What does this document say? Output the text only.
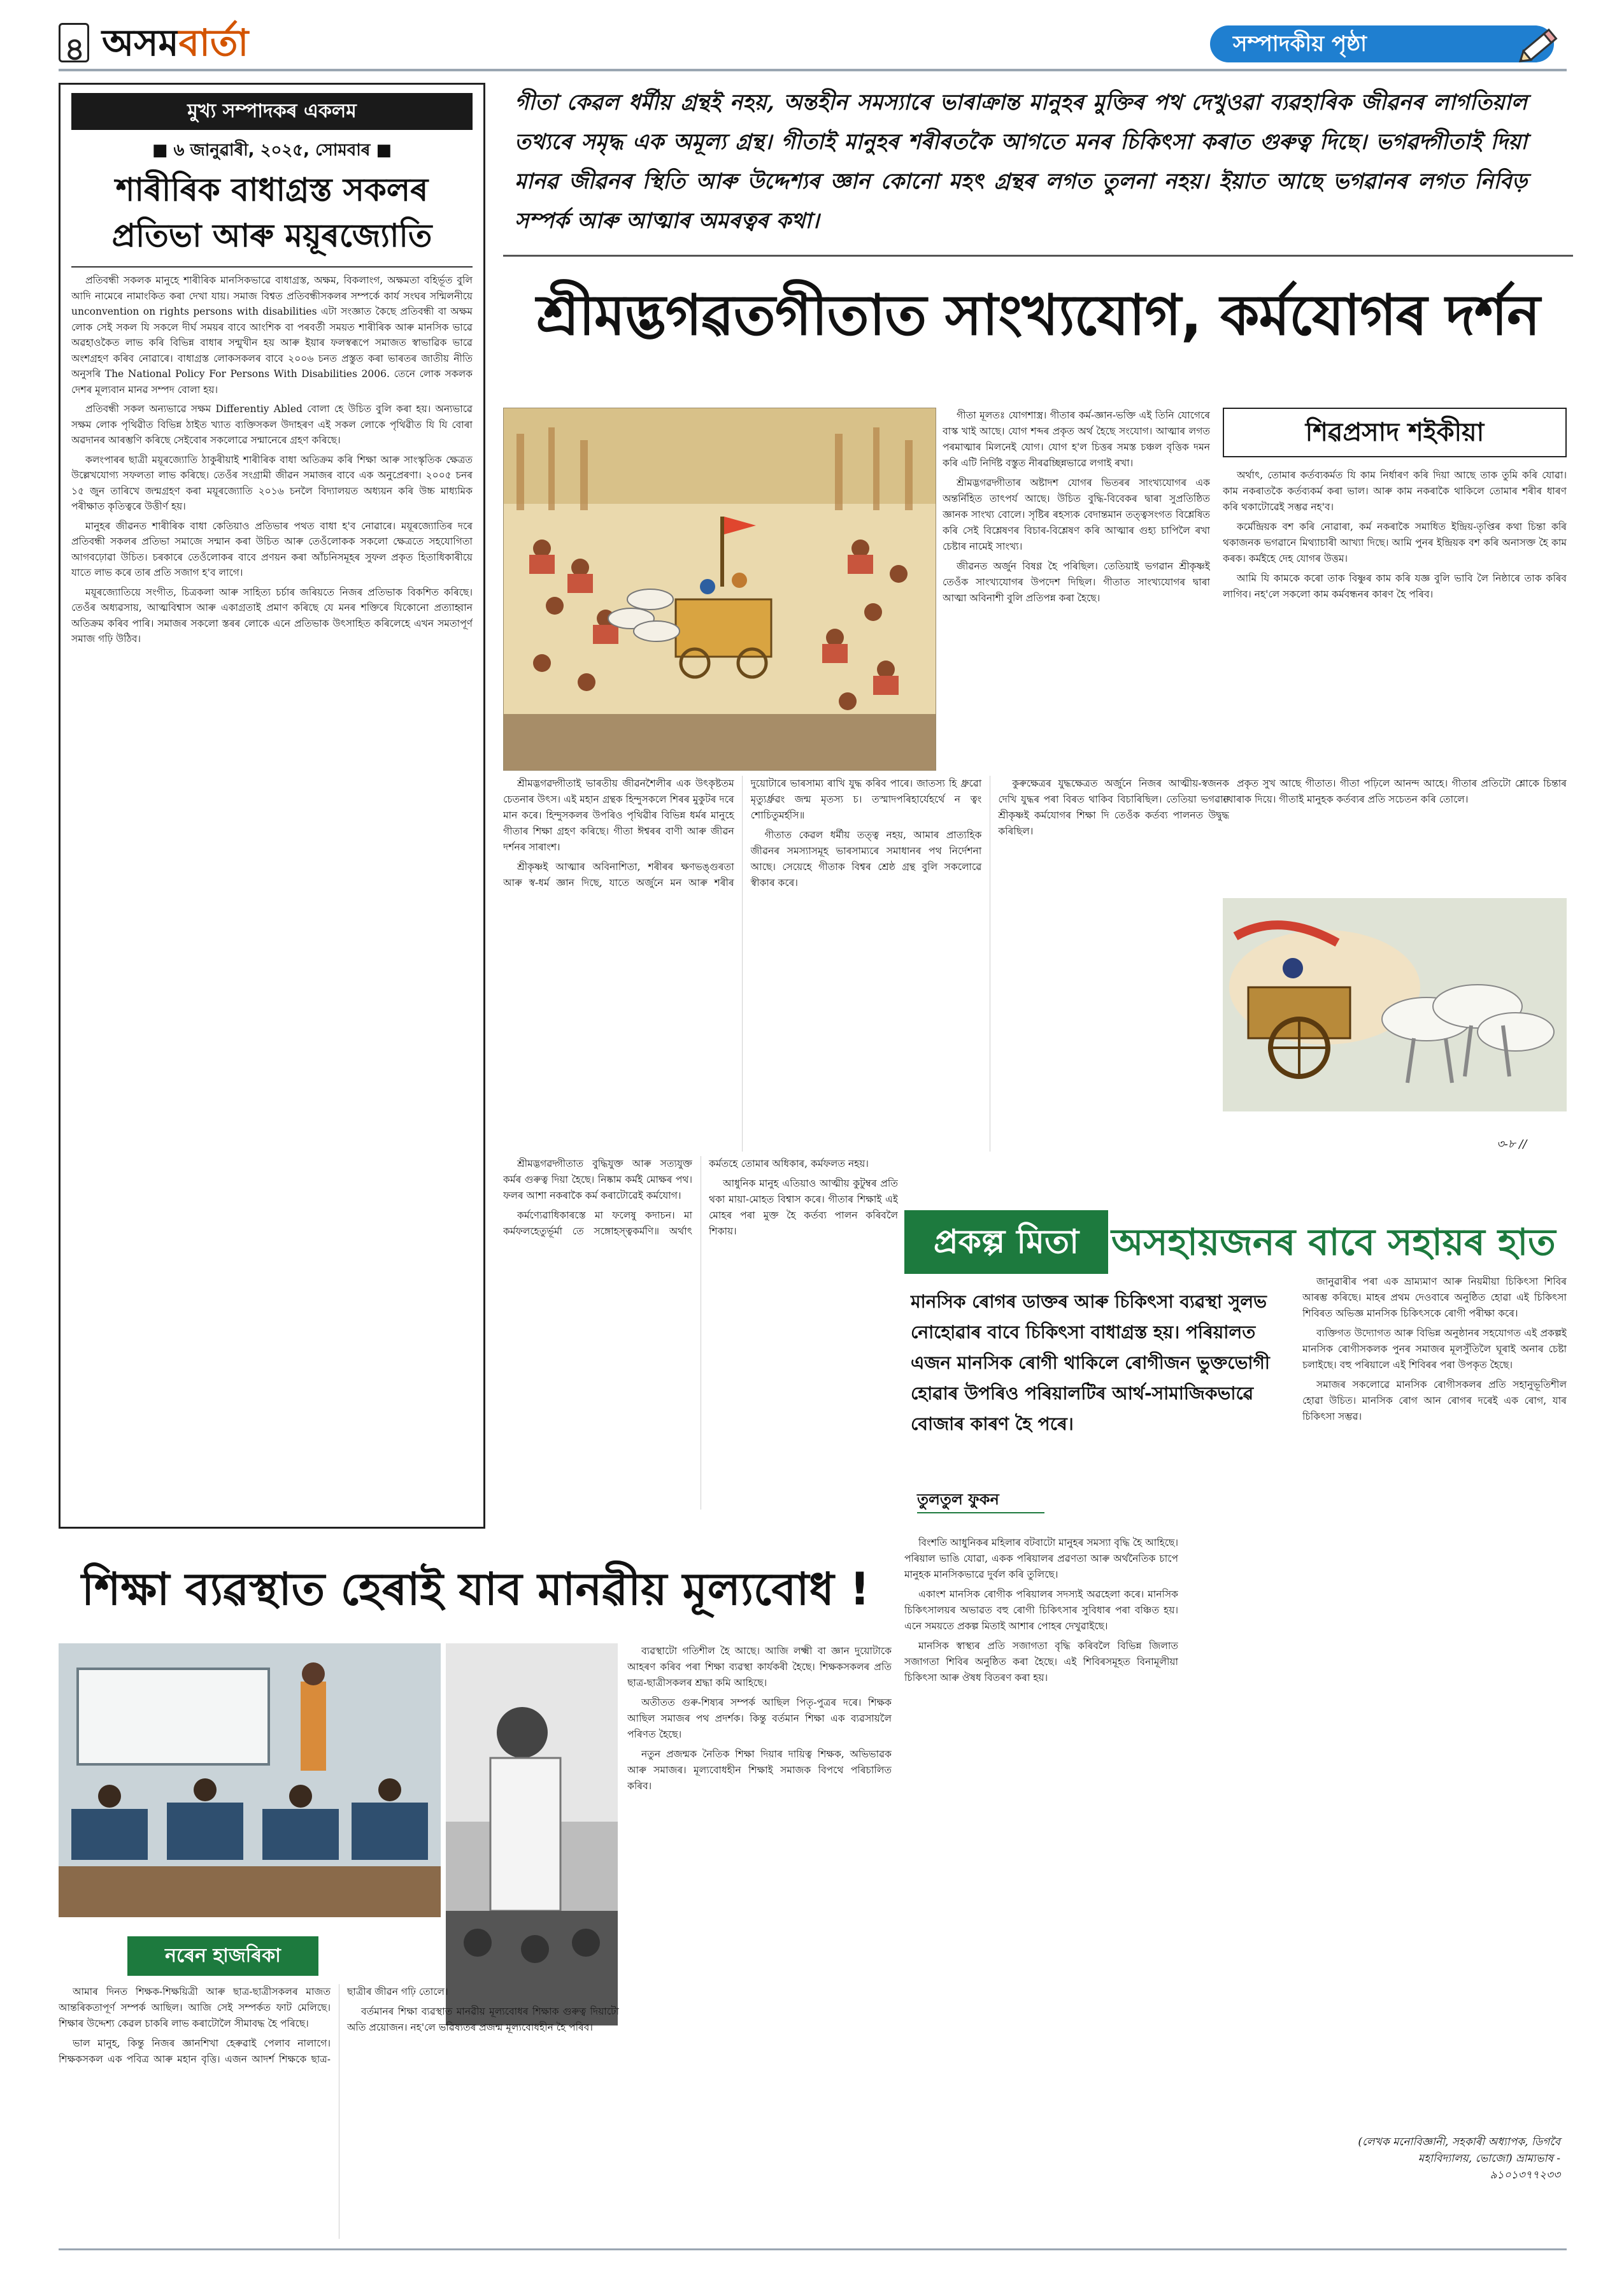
৪ অসমবাৰ্তা	সম্পাদকীয় পৃষ্ঠা
মুখ্য সম্পাদকৰ একলম
■ ৬ জানুৱাৰী, ২০২৫, সোমবাৰ ■
শাৰীৰিক বাধাগ্ৰস্ত সকলৰ প্ৰতিভা আৰু ময়ূৰজ্যোতি

প্ৰতিবন্ধী সকলক মানুহে শাৰীৰিক মানসিকভাৱে বাধাগ্ৰস্ত, অক্ষম, বিকলাংগ, অক্ষমতা বহিৰ্ভূত বুলি আদি নামেৰে নামাংকিত কৰা দেখা যায়। সমাজ বিশ্বত প্ৰতিবন্ধীসকলৰ সম্পৰ্কে কাৰ্য সংঘৰ সন্মিলনীয়ে unconvention on rights persons with disabilities এটা সংজ্ঞাত কৈছে প্ৰতিবন্ধী বা অক্ষম লোক সেই সকল যি সকলে দীৰ্ঘ সময়ৰ বাবে আংশিক বা পৰবৰ্তী সময়ত শাৰীৰিক আৰু মানসিক ভাৱে অৱহাওকৈত লাভ কৰি বিভিন্ন বাধাৰ সন্মুখীন হয় আৰু ইয়াৰ ফলস্বৰূপে সমাজত স্বাভাৱিক ভাৱে অংশগ্ৰহণ কৰিব নোৱাৰে। বাধাগ্ৰস্ত লোকসকলৰ বাবে ২০০৬ চনত প্ৰস্তুত কৰা ভাৰতৰ জাতীয় নীতি অনুসৰি The National Policy For Persons With Disabilities 2006. তেনে লোক সকলক দেশৰ মূল্যবান মানৱ সম্পদ বোলা হয়।

প্ৰতিবন্ধী সকল অন্যভাৱে সক্ষম Differentiy Abled বোলা হে উচিত বুলি কৰা হয়। অন্যভাৱে সক্ষম লোক পৃথিৱীত বিভিন্ন ঠাইত খ্যাত ব্যক্তিসকল উদাহৰণ এই সকল লোকে পৃথিৱীত যি যি বোৰা অৱদানৰ আৰম্ভণি কৰিছে সেইবোৰ সকলোৱে সন্মানেৰে গ্ৰহণ কৰিছে।

কলংপাৰৰ ছাত্ৰী ময়ূৰজ্যোতি ঠাকুৰীয়াই শাৰীৰিক বাধা অতিক্ৰম কৰি শিক্ষা আৰু সাংস্কৃতিক ক্ষেত্ৰত উল্লেখযোগ্য সফলতা লাভ কৰিছে। তেওঁৰ সংগ্ৰামী জীৱন সমাজৰ বাবে এক অনুপ্ৰেৰণা। ২০০৫ চনৰ ১৫ জুন তাৰিখে জন্মগ্ৰহণ কৰা ময়ূৰজ্যোতি ২০১৬ চনলৈ বিদ্যালয়ত অধ্যয়ন কৰি উচ্চ মাধ্যমিক পৰীক্ষাত কৃতিত্বৰে উত্তীৰ্ণ হয়।

মানুহৰ জীৱনত শাৰীৰিক বাধা কেতিয়াও প্ৰতিভাৰ পথত বাধা হ'ব নোৱাৰে। ময়ূৰজ্যোতিৰ দৰে প্ৰতিবন্ধী সকলৰ প্ৰতিভা সমাজে সন্মান কৰা উচিত আৰু তেওঁলোকক সকলো ক্ষেত্ৰতে সহযোগিতা আগবঢ়োৱা উচিত। চৰকাৰে তেওঁলোকৰ বাবে প্ৰণয়ন কৰা আঁচনিসমূহৰ সুফল প্ৰকৃত হিতাধিকাৰীয়ে যাতে লাভ কৰে তাৰ প্ৰতি সজাগ হ'ব লাগে।

ময়ূৰজ্যোতিয়ে সংগীত, চিত্ৰকলা আৰু সাহিত্য চৰ্চাৰ জৰিয়তে নিজৰ প্ৰতিভাক বিকশিত কৰিছে। তেওঁৰ অধ্যৱসায়, আত্মবিশ্বাস আৰু একাগ্ৰতাই প্ৰমাণ কৰিছে যে মনৰ শক্তিৰে যিকোনো প্ৰত্যাহ্বান অতিক্ৰম কৰিব পাৰি। সমাজৰ সকলো স্তৰৰ লোকে এনে প্ৰতিভাক উৎসাহিত কৰিলেহে এখন সমতাপূৰ্ণ সমাজ গঢ়ি উঠিব।

গীতা কেৱল ধৰ্মীয় গ্ৰন্থই নহয়, অন্তহীন সমস্যাৰে ভাৰাক্ৰান্ত মানুহৰ মুক্তিৰ পথ দেখুওৱা ব্যৱহাৰিক জীৱনৰ লাগতিয়াল তথ্যৰে সমৃদ্ধ এক অমূল্য গ্ৰন্থ। গীতাই মানুহৰ শৰীৰতকৈ আগতে মনৰ চিকিৎসা কৰাত গুৰুত্ব দিছে। ভগৱদ্গীতাই দিয়া মানৱ জীৱনৰ স্থিতি আৰু উদ্দেশ্যৰ জ্ঞান কোনো মহৎ গ্ৰন্থৰ লগত তুলনা নহয়। ইয়াত আছে ভগৱানৰ লগত নিবিড় সম্পৰ্ক আৰু আত্মাৰ অমৰত্বৰ কথা।
শ্ৰীমদ্ভগৱতগীতাত সাংখ্যযোগ, কৰ্মযোগৰ দৰ্শন

গীতা মূলতঃ যোগশাস্ত্ৰ। গীতাৰ কৰ্ম-জ্ঞান-ভক্তি এই তিনি যোগেৰে বাস্ক খাই আছে। যোগ শব্দৰ প্ৰকৃত অৰ্থ হৈছে সংযোগ। আত্মাৰ লগত পৰমাত্মাৰ মিলনেই যোগ। যোগ হ'ল চিত্তৰ সমস্ত চঞ্চল বৃত্তিক দমন কৰি এটি নিৰ্দিষ্ট বস্তুত নীৰৱচ্ছিন্নভাৱে লগাই ৰখা।

শ্ৰীমদ্ভগৱদ্গীতাৰ অষ্টাদশ যোগৰ ভিতৰৰ সাংখ্যযোগৰ এক অন্তৰ্নিহিত তাৎপৰ্য আছে। উচিত বুদ্ধি-বিবেকৰ দ্বাৰা সুপ্ৰতিষ্ঠিত জ্ঞানক সাংখ্য বোলে। সৃষ্টিৰ ৰহস্যক বেদান্তমান তত্ত্বসংগত বিশ্লেষিত কৰি সেই বিশ্লেষণৰ বিচাৰ-বিশ্লেষণ কৰি আত্মাৰ গুহ্য চাপিলৈ ৰখা চেষ্টাৰ নামেই সাংখ্য।

জীৱনত অৰ্জুন বিষণ্ণ হৈ পৰিছিল। তেতিয়াই ভগৱান শ্ৰীকৃষ্ণই তেওঁক সাংখ্যযোগৰ উপদেশ দিছিল। গীতাত সাংখ্যযোগৰ দ্বাৰা আত্মা অবিনাশী বুলি প্ৰতিপন্ন কৰা হৈছে।

শিৱপ্ৰসাদ শইকীয়া

অৰ্থাৎ, তোমাৰ কৰ্তব্যকৰ্মত যি কাম নিৰ্ধাৰণ কৰি দিয়া আছে তাক তুমি কৰি যোৱা। কাম নকৰাতকৈ কৰ্তব্যকৰ্ম কৰা ভাল। আৰু কাম নকৰাকৈ থাকিলে তোমাৰ শৰীৰ ধাৰণ কৰি থকাটোৱেই সম্ভৱ নহ'ব।

কৰ্মেন্দ্ৰিয়ক বশ কৰি নোৱাৰা, কৰ্ম নকৰাকৈ সমাধিত ইন্দ্ৰিয়-তৃপ্তিৰ কথা চিন্তা কৰি থকাজনক ভগৱানে মিথ্যাচাৰী আখ্যা দিছে। আমি পুনৰ ইন্দ্ৰিয়ক বশ কৰি অনাসক্ত হৈ কাম কৰক। কৰ্মইহে দেহ যোগৰ উত্তম।

আমি যি কামকে কৰো তাক বিষ্ণুৰ কাম কৰি যজ্ঞ বুলি ভাবি লৈ নিষ্ঠাৰে তাক কৰিব লাগিব। নহ'লে সকলো কাম কৰ্মবন্ধনৰ কাৰণ হৈ পৰিব।

শ্ৰীমদ্ভগৱদ্গীতাই ভাৰতীয় জীৱনশৈলীৰ এক উৎকৃষ্টতম চেতনাৰ উৎস। এই মহান গ্ৰন্থক হিন্দুসকলে শিৰৰ মুকুটৰ দৰে মান কৰে। হিন্দুসকলৰ উপৰিও পৃথিৱীৰ বিভিন্ন ধৰ্মৰ মানুহে গীতাৰ শিক্ষা গ্ৰহণ কৰিছে। গীতা ঈশ্বৰৰ বাণী আৰু জীৱন দৰ্শনৰ সাৰাংশ।

শ্ৰীকৃষ্ণই আত্মাৰ অবিনাশিতা, শৰীৰৰ ক্ষণভঙ্গুৰতা আৰু স্ব-ধৰ্ম জ্ঞান দিছে, যাতে অৰ্জুনে মন আৰু শৰীৰ দুয়োটাৰে ভাৰসাম্য ৰাখি যুদ্ধ কৰিব পাৰে। জাতস্য হি ধ্ৰুৱো মৃত্যুৰ্ধ্ৰুৱং জন্ম মৃতস্য চ। তস্মাদপৰিহাৰ্যেহৰ্থে ন ত্বং শোচিতুমৰ্হসি॥

গীতাত কেৱল ধৰ্মীয় তত্ত্ব নহয়, আমাৰ প্ৰাত্যহিক জীৱনৰ সমস্যাসমূহ ভাৰসাম্যৰে সমাধানৰ পথ নিৰ্দেশনা আছে। সেয়েহে গীতাক বিশ্বৰ শ্ৰেষ্ঠ গ্ৰন্থ বুলি সকলোৱে স্বীকাৰ কৰে।

কুৰুক্ষেত্ৰৰ যুদ্ধক্ষেত্ৰত অৰ্জুনে নিজৰ আত্মীয়-স্বজনক দেখি যুদ্ধৰ পৰা বিৰত থাকিব বিচাৰিছিল। তেতিয়া ভগৱান শ্ৰীকৃষ্ণই কৰ্মযোগৰ শিক্ষা দি তেওঁক কৰ্তব্য পালনত উদ্বুদ্ধ কৰিছিল।

প্ৰকৃত সুখ আছে গীতাত। গীতা পঢ়িলে আনন্দ আহে। গীতাৰ প্ৰতিটো শ্লোকে চিন্তাৰ খোৰাক দিয়ে। গীতাই মানুহক কৰ্তব্যৰ প্ৰতি সচেতন কৰি তোলে।

৩-৮ //

শ্ৰীমদ্ভগৱদ্গীতাত বুদ্ধিযুক্ত আৰু সত্যযুক্ত কৰ্মৰ গুৰুত্ব দিয়া হৈছে। নিষ্কাম কৰ্মই মোক্ষৰ পথ। ফলৰ আশা নকৰাকৈ কৰ্ম কৰাটোৱেই কৰ্মযোগ।

কৰ্মণ্যেৱাধিকাৰস্তে মা ফলেষু কদাচন। মা কৰ্মফলহেতুৰ্ভূৰ্মা তে সঙ্গোহস্ত্বকৰ্মণি॥ অৰ্থাৎ কৰ্মতহে তোমাৰ অধিকাৰ, কৰ্মফলত নহয়।

আধুনিক মানুহ এতিয়াও আত্মীয় কুটুম্বৰ প্ৰতি থকা মায়া-মোহত বিশ্বাস কৰে। গীতাৰ শিক্ষাই এই মোহৰ পৰা মুক্ত হৈ কৰ্তব্য পালন কৰিবলৈ শিকায়।	প্ৰকল্প মিতা অসহায়জনৰ বাবে সহায়ৰ হাত
মানসিক ৰোগৰ ডাক্তৰ আৰু চিকিৎসা ব্যৱস্থা সুলভ নোহোৱাৰ বাবে চিকিৎসা বাধাগ্ৰস্ত হয়। পৰিয়ালত এজন মানসিক ৰোগী থাকিলে ৰোগীজন ভুক্তভোগী হোৱাৰ উপৰিও পৰিয়ালটিৰ আৰ্থ-সামাজিকভাৱে বোজাৰ কাৰণ হৈ পৰে।
তুলতুল ফুকন

বিংশতি আধুনিকৰ মহিলাৰ বটবাটো মানুহৰ সমস্যা বৃদ্ধি হৈ আহিছে। পৰিয়াল ভাঙি যোৱা, একক পৰিয়ালৰ প্ৰৱণতা আৰু অৰ্থনৈতিক চাপে মানুহক মানসিকভাৱে দুৰ্বল কৰি তুলিছে।

একাংশ মানসিক ৰোগীক পৰিয়ালৰ সদস্যই অৱহেলা কৰে। মানসিক চিকিৎসালয়ৰ অভাৱত বহু ৰোগী চিকিৎসাৰ সুবিধাৰ পৰা বঞ্চিত হয়। এনে সময়তে প্ৰকল্প মিতাই আশাৰ পোহৰ দেখুৱাইছে।

মানসিক স্বাস্থ্যৰ প্ৰতি সজাগতা বৃদ্ধি কৰিবলৈ বিভিন্ন জিলাত সজাগতা শিবিৰ অনুষ্ঠিত কৰা হৈছে। এই শিবিৰসমূহত বিনামূলীয়া চিকিৎসা আৰু ঔষধ বিতৰণ কৰা হয়।

জানুৱাৰীৰ পৰা এক ভ্ৰাম্যমাণ আৰু নিয়মীয়া চিকিৎসা শিবিৰ আৰম্ভ কৰিছে। মাহৰ প্ৰথম দেওবাৰে অনুষ্ঠিত হোৱা এই চিকিৎসা শিবিৰত অভিজ্ঞ মানসিক চিকিৎসকে ৰোগী পৰীক্ষা কৰে।

ব্যক্তিগত উদ্যোগত আৰু বিভিন্ন অনুষ্ঠানৰ সহযোগত এই প্ৰকল্পই মানসিক ৰোগীসকলক পুনৰ সমাজৰ মূলসুঁতিলৈ ঘূৰাই অনাৰ চেষ্টা চলাইছে। বহু পৰিয়ালে এই শিবিৰৰ পৰা উপকৃত হৈছে।

সমাজৰ সকলোৱে মানসিক ৰোগীসকলৰ প্ৰতি সহানুভূতিশীল হোৱা উচিত। মানসিক ৰোগ আন ৰোগৰ দৰেই এক ৰোগ, যাৰ চিকিৎসা সম্ভৱ।

(লেখক মনোবিজ্ঞানী, সহকাৰী অধ্যাপক, ডিগবৈ মহাবিদ্যালয়, ভোজো) ভ্ৰাম্যভাষ - ৯১০১৩৭৭২৩৩
শিক্ষা ব্যৱস্থাত হেৰাই যাব মানৱীয় মূল্যবোধ !

ব্যৱস্থাটো গতিশীল হৈ আছে। আজি লক্ষ্মী বা জ্ঞান দুয়োটাকে আহৰণ কৰিব পৰা শিক্ষা ব্যৱস্থা কাৰ্যকৰী হৈছে। শিক্ষকসকলৰ প্ৰতি ছাত্ৰ-ছাত্ৰীসকলৰ শ্ৰদ্ধা কমি আহিছে।

অতীতত গুৰু-শিষ্যৰ সম্পৰ্ক আছিল পিতৃ-পুত্ৰৰ দৰে। শিক্ষক আছিল সমাজৰ পথ প্ৰদৰ্শক। কিন্তু বৰ্তমান শিক্ষা এক ব্যৱসায়লৈ পৰিণত হৈছে।

নতুন প্ৰজন্মক নৈতিক শিক্ষা দিয়াৰ দায়িত্ব শিক্ষক, অভিভাৱক আৰু সমাজৰ। মূল্যবোধহীন শিক্ষাই সমাজক বিপথে পৰিচালিত কৰিব।

নৰেন হাজৰিকা

আমাৰ দিনত শিক্ষক-শিক্ষয়িত্ৰী আৰু ছাত্ৰ-ছাত্ৰীসকলৰ মাজত আন্তৰিকতাপূৰ্ণ সম্পৰ্ক আছিল। আজি সেই সম্পৰ্কত ফাট মেলিছে। শিক্ষাৰ উদ্দেশ্য কেৱল চাকৰি লাভ কৰাটোলৈ সীমাবদ্ধ হৈ পৰিছে।

ভাল মানুহ, কিন্তু নিজৰ জ্ঞানশিখা হেৰুৱাই পেলাব নালাগে। শিক্ষকসকল এক পবিত্ৰ আৰু মহান বৃত্তি। এজন আদৰ্শ শিক্ষকে ছাত্ৰ-ছাত্ৰীৰ জীৱন গঢ়ি তোলে।

বৰ্তমানৰ শিক্ষা ব্যৱস্থাত মানৱীয় মূল্যবোধৰ শিক্ষাক গুৰুত্ব দিয়াটো অতি প্ৰয়োজন। নহ'লে ভৱিষ্যতৰ প্ৰজন্ম মূল্যবোধহীন হৈ পৰিব।
